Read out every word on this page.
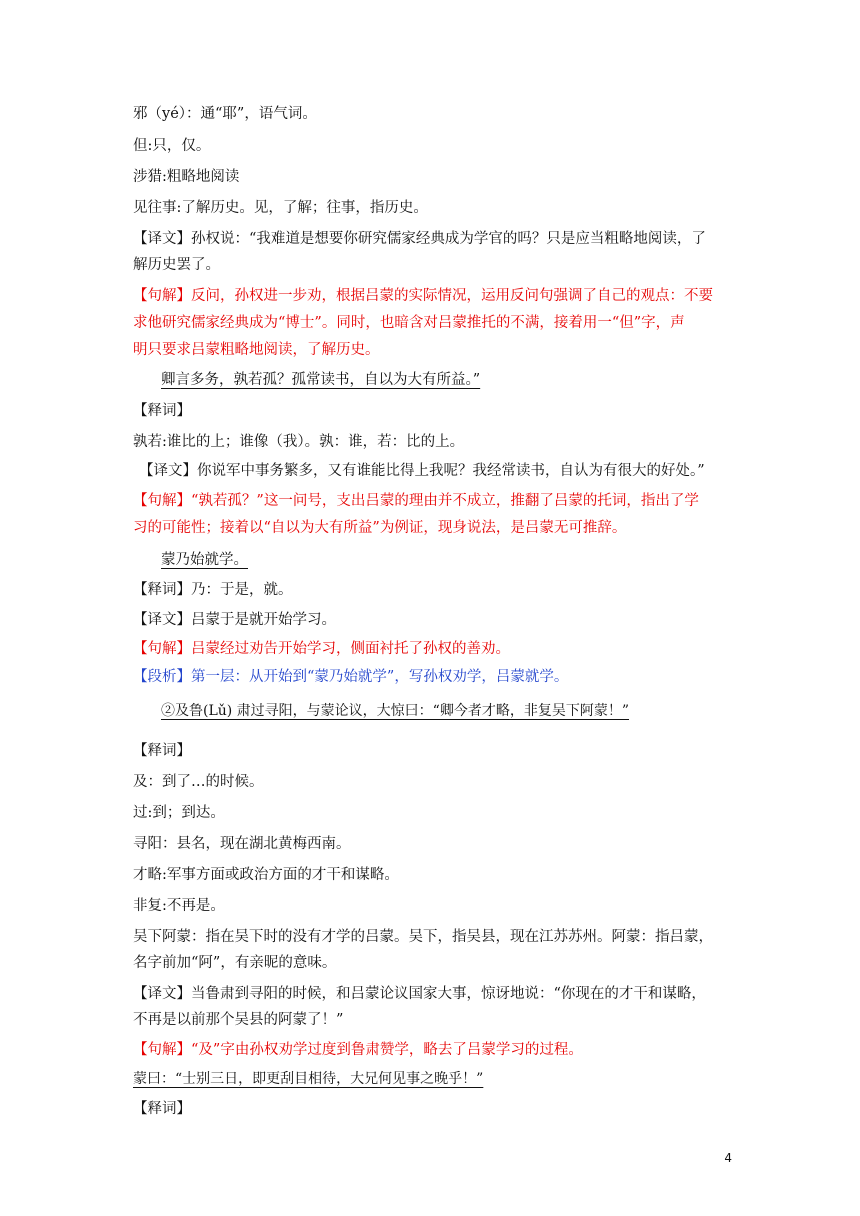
邪（yé）：通“耶”，语气词。
但:只，仅。
涉猎:粗略地阅读
见往事:了解历史。见，了解；往事，指历史。
【译文】孙权说：“我难道是想要你研究儒家经典成为学官的吗？只是应当粗略地阅读，了
解历史罢了。
【句解】反问，孙权进一步劝，根据吕蒙的实际情况，运用反问句强调了自己的观点：不要
求他研究儒家经典成为“博士”。同时，也暗含对吕蒙推托的不满，接着用一“但”字，声
明只要求吕蒙粗略地阅读，了解历史。
卿言多务，孰若孤？孤常读书，自以为大有所益。”
【释词】
孰若:谁比的上；谁像（我）。孰：谁，若：比的上。
【译文】你说军中事务繁多，又有谁能比得上我呢？我经常读书，自认为有很大的好处。”
【句解】“孰若孤？”这一问号，支出吕蒙的理由并不成立，推翻了吕蒙的托词，指出了学
习的可能性；接着以“自以为大有所益”为例证，现身说法，是吕蒙无可推辞。
蒙乃始就学。
【释词】乃：于是，就。
【译文】吕蒙于是就开始学习。
【句解】吕蒙经过劝告开始学习，侧面衬托了孙权的善劝。
【段析】第一层：从开始到“蒙乃始就学”，写孙权劝学，吕蒙就学。
②及鲁(Lǔ) 肃过寻阳，与蒙论议，大惊曰：“卿今者才略，非复吴下阿蒙！”
【释词】
及：到了…的时候。
过:到；到达。
寻阳：县名，现在湖北黄梅西南。
才略:军事方面或政治方面的才干和谋略。
非复:不再是。
吴下阿蒙：指在吴下时的没有才学的吕蒙。吴下，指吴县，现在江苏苏州。阿蒙：指吕蒙，
名字前加“阿”，有亲昵的意味。
【译文】当鲁肃到寻阳的时候，和吕蒙论议国家大事，惊讶地说：“你现在的才干和谋略，
不再是以前那个吴县的阿蒙了！”
【句解】“及”字由孙权劝学过度到鲁肃赞学，略去了吕蒙学习的过程。
蒙曰：“士别三日，即更刮目相待，大兄何见事之晚乎！”
【释词】
4
